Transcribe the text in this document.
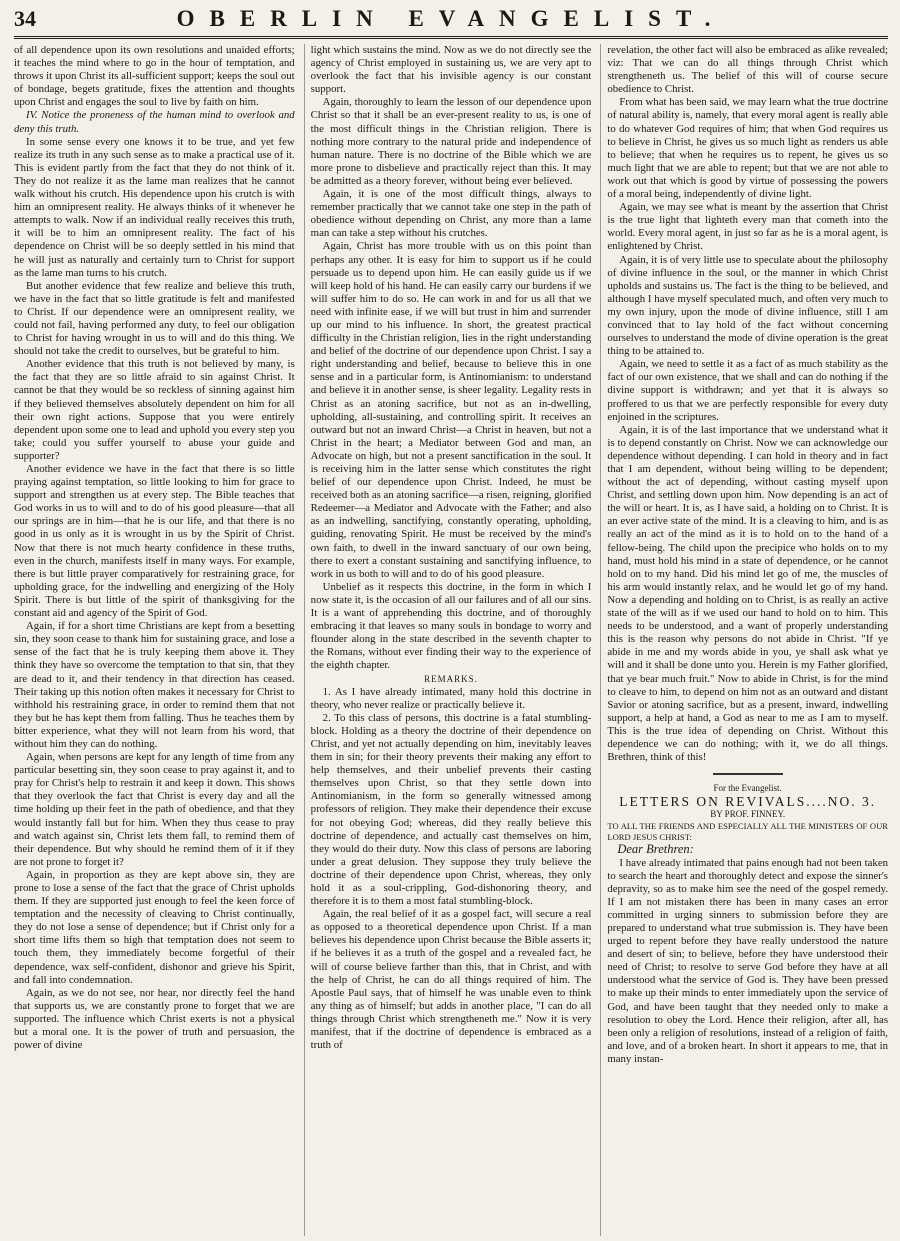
34	OBERLIN EVANGELIST.

of all dependence upon its own resolutions and unaided efforts; it teaches the mind where to go in the hour of temptation, and throws it upon Christ its all-sufficient support; keeps the soul out of bondage, begets gratitude, fixes the attention and thoughts upon Christ and engages the soul to live by faith on him.

IV. Notice the proneness of the human mind to overlook and deny this truth.

In some sense every one knows it to be true, and yet few realize its truth in any such sense as to make a practical use of it. This is evident partly from the fact that they do not think of it. They do not realize it as the lame man realizes that he cannot walk without his crutch. His dependence upon his crutch is with him an omnipresent reality. He always thinks of it whenever he attempts to walk. Now if an individual really receives this truth, it will be to him an omnipresent reality. The fact of his dependence on Christ will be so deeply settled in his mind that he will just as naturally and certainly turn to Christ for support as the lame man turns to his crutch.

But another evidence that few realize and believe this truth, we have in the fact that so little gratitude is felt and manifested to Christ. If our dependence were an omnipresent reality, we could not fail, having performed any duty, to feel our obligation to Christ for having wrought in us to will and do this thing. We should not take the credit to ourselves, but be grateful to him.

Another evidence that this truth is not believed by many, is the fact that they are so little afraid to sin against Christ. It cannot be that they would be so reckless of sinning against him if they believed themselves absolutely dependent on him for all their own right actions. Suppose that you were entirely dependent upon some one to lead and uphold you every step you take; could you suffer yourself to abuse your guide and supporter?

Another evidence we have in the fact that there is so little praying against temptation, so little looking to him for grace to support and strengthen us at every step. The Bible teaches that God works in us to will and to do of his good pleasure—that all our springs are in him—that he is our life, and that there is no good in us only as it is wrought in us by the Spirit of Christ. Now that there is not much hearty confidence in these truths, even in the church, manifests itself in many ways. For example, there is but little prayer comparatively for restraining grace, for upholding grace, for the indwelling and energizing of the Holy Spirit. There is but little of the spirit of thanksgiving for the constant aid and agency of the Spirit of God.

Again, if for a short time Christians are kept from a besetting sin, they soon cease to thank him for sustaining grace, and lose a sense of the fact that he is truly keeping them above it. They think they have so overcome the temptation to that sin, that they are dead to it, and their tendency in that direction has ceased. Their taking up this notion often makes it necessary for Christ to withhold his restraining grace, in order to remind them that not they but he has kept them from falling. Thus he teaches them by bitter experience, what they will not learn from his word, that without him they can do nothing.

Again, when persons are kept for any length of time from any particular besetting sin, they soon cease to pray against it, and to pray for Christ's help to restrain it and keep it down. This shows that they overlook the fact that Christ is every day and all the time holding up their feet in the path of obedience, and that they would instantly fall but for him. When they thus cease to pray and watch against sin, Christ lets them fall, to remind them of their dependence. But why should he remind them of it if they are not prone to forget it?

Again, in proportion as they are kept above sin, they are prone to lose a sense of the fact that the grace of Christ upholds them. If they are supported just enough to feel the keen force of temptation and the necessity of cleaving to Christ continually, they do not lose a sense of dependence; but if Christ only for a short time lifts them so high that temptation does not seem to touch them, they immediately become forgetful of their dependence, wax self-confident, dishonor and grieve his Spirit, and fall into condemnation.

Again, as we do not see, nor hear, nor directly feel the hand that supports us, we are constantly prone to forget that we are supported. The influence which Christ exerts is not a physical but a moral one. It is the power of truth and persuasion, the power of divine

light which sustains the mind. Now as we do not directly see the agency of Christ employed in sustaining us, we are very apt to overlook the fact that his invisible agency is our constant support.

Again, thoroughly to learn the lesson of our dependence upon Christ so that it shall be an ever-present reality to us, is one of the most difficult things in the Christian religion. There is nothing more contrary to the natural pride and independence of human nature. There is no doctrine of the Bible which we are more prone to disbelieve and practically reject than this. It may be admitted as a theory forever, without being ever believed.

Again, it is one of the most difficult things, always to remember practically that we cannot take one step in the path of obedience without depending on Christ, any more than a lame man can take a step without his crutches.

Again, Christ has more trouble with us on this point than perhaps any other. It is easy for him to support us if he could persuade us to depend upon him. He can easily guide us if we will keep hold of his hand. He can easily carry our burdens if we will suffer him to do so. He can work in and for us all that we need with infinite ease, if we will but trust in him and surrender up our mind to his influence. In short, the greatest practical difficulty in the Christian religion, lies in the right understanding and belief of the doctrine of our dependence upon Christ. I say a right understanding and belief, because to believe this in one sense and in a particular form, is Antinomianism: to understand and believe it in another sense, is sheer legality. Legality rests in Christ as an atoning sacrifice, but not as an in-dwelling, upholding, all-sustaining, and controlling spirit. It receives an outward but not an inward Christ—a Christ in heaven, but not a Christ in the heart; a Mediator between God and man, an Advocate on high, but not a present sanctification in the soul. It is receiving him in the latter sense which constitutes the right belief of our dependence upon Christ. Indeed, he must be received both as an atoning sacrifice—a risen, reigning, glorified Redeemer—a Mediator and Advocate with the Father; and also as an indwelling, sanctifying, constantly operating, upholding, guiding, renovating Spirit. He must be received by the mind's own faith, to dwell in the inward sanctuary of our own being, there to exert a constant sustaining and sanctifying influence, to work in us both to will and to do of his good pleasure.

Unbelief as it respects this doctrine, in the form in which I now state it, is the occasion of all our failures and of all our sins. It is a want of apprehending this doctrine, and of thoroughly embracing it that leaves so many souls in bondage to worry and flounder along in the state described in the seventh chapter to the Romans, without ever finding their way to the experience of the eighth chapter.

REMARKS.

1. As I have already intimated, many hold this doctrine in theory, who never realize or practically believe it.

2. To this class of persons, this doctrine is a fatal stumbling-block. Holding as a theory the doctrine of their dependence on Christ, and yet not actually depending on him, inevitably leaves them in sin; for their theory prevents their making any effort to help themselves, and their unbelief prevents their casting themselves upon Christ, so that they settle down into Antinomianism, in the form so generally witnessed among professors of religion. They make their dependence their excuse for not obeying God; whereas, did they really believe this doctrine of dependence, and actually cast themselves on him, they would do their duty. Now this class of persons are laboring under a great delusion. They suppose they truly believe the doctrine of their dependence upon Christ, whereas, they only hold it as a soul-crippling, God-dishonoring theory, and therefore it is to them a most fatal stumbling-block.

Again, the real belief of it as a gospel fact, will secure a real as opposed to a theoretical dependence upon Christ. If a man believes his dependence upon Christ because the Bible asserts it; if he believes it as a truth of the gospel and a revealed fact, he will of course believe farther than this, that in Christ, and with the help of Christ, he can do all things required of him. The Apostle Paul says, that of himself he was unable even to think any thing as of himself; but adds in another place, "I can do all things through Christ which strengtheneth me." Now it is very manifest, that if the doctrine of dependence is embraced as a truth of

revelation, the other fact will also be embraced as alike revealed; viz: That we can do all things through Christ which strengtheneth us. The belief of this will of course secure obedience to Christ.

From what has been said, we may learn what the true doctrine of natural ability is, namely, that every moral agent is really able to do whatever God requires of him; that when God requires us to believe in Christ, he gives us so much light as renders us able to believe; that when he requires us to repent, he gives us so much light that we are able to repent; but that we are not able to work out that which is good by virtue of possessing the powers of a moral being, independently of divine light.

Again, we may see what is meant by the assertion that Christ is the true light that lighteth every man that cometh into the world. Every moral agent, in just so far as he is a moral agent, is enlightened by Christ.

Again, it is of very little use to speculate about the philosophy of divine influence in the soul, or the manner in which Christ upholds and sustains us. The fact is the thing to be believed, and although I have myself speculated much, and often very much to my own injury, upon the mode of divine influence, still I am convinced that to lay hold of the fact without concerning ourselves to understand the mode of divine operation is the great thing to be attained to.

Again, we need to settle it as a fact of as much stability as the fact of our own existence, that we shall and can do nothing if the divine support is withdrawn; and yet that it is always so proffered to us that we are perfectly responsible for every duty enjoined in the scriptures.

Again, it is of the last importance that we understand what it is to depend constantly on Christ. Now we can acknowledge our dependence without depending. I can hold in theory and in fact that I am dependent, without being willing to be dependent; without the act of depending, without casting myself upon Christ, and settling down upon him. Now depending is an act of the will or heart. It is, as I have said, a holding on to Christ. It is an ever active state of the mind. It is a cleaving to him, and is as really an act of the mind as it is to hold on to the hand of a fellow-being. The child upon the precipice who holds on to my hand, must hold his mind in a state of dependence, or he cannot hold on to my hand. Did his mind let go of me, the muscles of his arm would instantly relax, and he would let go of my hand. Now a depending and holding on to Christ, is as really an active state of the will as if we used our hand to hold on to him. This needs to be understood, and a want of properly understanding this is the reason why persons do not abide in Christ. "If ye abide in me and my words abide in you, ye shall ask what ye will and it shall be done unto you. Herein is my Father glorified, that ye bear much fruit." Now to abide in Christ, is for the mind to cleave to him, to depend on him not as an outward and distant Savior or atoning sacrifice, but as a present, inward, indwelling support, a help at hand, a God as near to me as I am to myself. This is the true idea of depending on Christ. Without this dependence we can do nothing; with it, we do all things. Brethren, think of this!

For the Evangelist.

LETTERS ON REVIVALS....NO. 3.

BY PROF. FINNEY.

TO ALL THE FRIENDS AND ESPECIALLY ALL THE MINISTERS OF OUR LORD JESUS CHRIST:

Dear Brethren:

I have already intimated that pains enough had not been taken to search the heart and thoroughly detect and expose the sinner's depravity, so as to make him see the need of the gospel remedy. If I am not mistaken there has been in many cases an error committed in urging sinners to submission before they are prepared to understand what true submission is. They have been urged to repent before they have really understood the nature and desert of sin; to believe, before they have understood their need of Christ; to resolve to serve God before they have at all understood what the service of God is. They have been pressed to make up their minds to enter immediately upon the service of God, and have been taught that they needed only to make a resolution to obey the Lord. Hence their religion, after all, has been only a religion of resolutions, instead of a religion of faith, and love, and of a broken heart. In short it appears to me, that in many instan-
